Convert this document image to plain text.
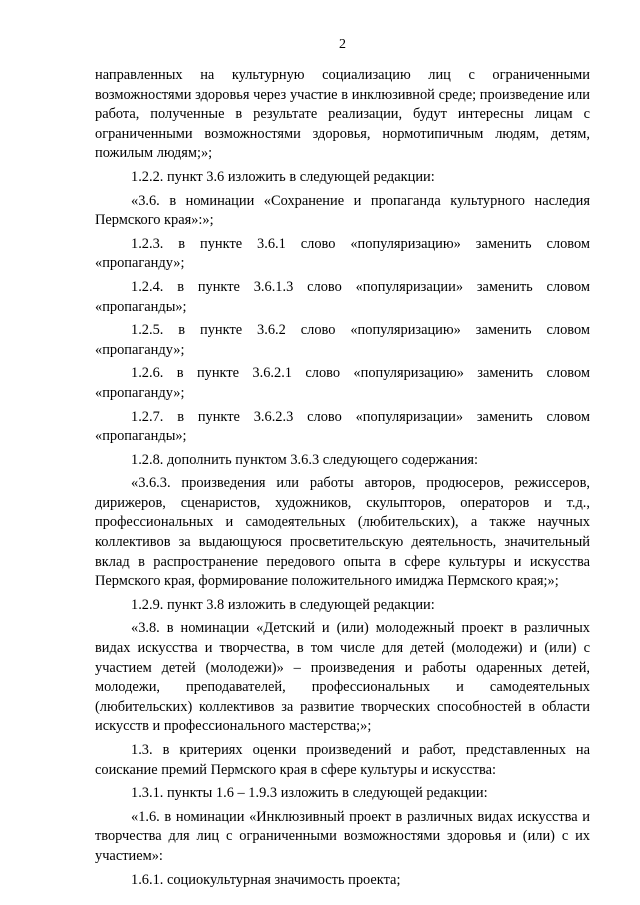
2

направленных на культурную социализацию лиц с ограниченными возможностями здоровья через участие в инклюзивной среде; произведение или работа, полученные в результате реализации, будут интересны лицам с ограниченными возможностями здоровья, нормотипичным людям, детям, пожилым людям;»;

1.2.2. пункт 3.6 изложить в следующей редакции:

«3.6. в номинации «Сохранение и пропаганда культурного наследия Пермского края»:»;

1.2.3. в пункте 3.6.1 слово «популяризацию» заменить словом «пропаганду»;

1.2.4. в пункте 3.6.1.3 слово «популяризации» заменить словом «пропаганды»;

1.2.5. в пункте 3.6.2 слово «популяризацию» заменить словом «пропаганду»;

1.2.6. в пункте 3.6.2.1 слово «популяризацию» заменить словом «пропаганду»;

1.2.7. в пункте 3.6.2.3 слово «популяризации» заменить словом «пропаганды»;

1.2.8. дополнить пунктом 3.6.3 следующего содержания:

«3.6.3. произведения или работы авторов, продюсеров, режиссеров, дирижеров, сценаристов, художников, скульпторов, операторов и т.д., профессиональных и самодеятельных (любительских), а также научных коллективов за выдающуюся просветительскую деятельность, значительный вклад в распространение передового опыта в сфере культуры и искусства Пермского края, формирование положительного имиджа Пермского края;»;

1.2.9. пункт 3.8 изложить в следующей редакции:

«3.8. в номинации «Детский и (или) молодежный проект в различных видах искусства и творчества, в том числе для детей (молодежи) и (или) с участием детей (молодежи)» – произведения и работы одаренных детей, молодежи, преподавателей, профессиональных и самодеятельных (любительских) коллективов за развитие творческих способностей в области искусств и профессионального мастерства;»;

1.3. в критериях оценки произведений и работ, представленных на соискание премий Пермского края в сфере культуры и искусства:

1.3.1. пункты 1.6 – 1.9.3 изложить в следующей редакции:

«1.6. в номинации «Инклюзивный проект в различных видах искусства и творчества для лиц с ограниченными возможностями здоровья и (или) с их участием»:

1.6.1. социокультурная значимость проекта;
